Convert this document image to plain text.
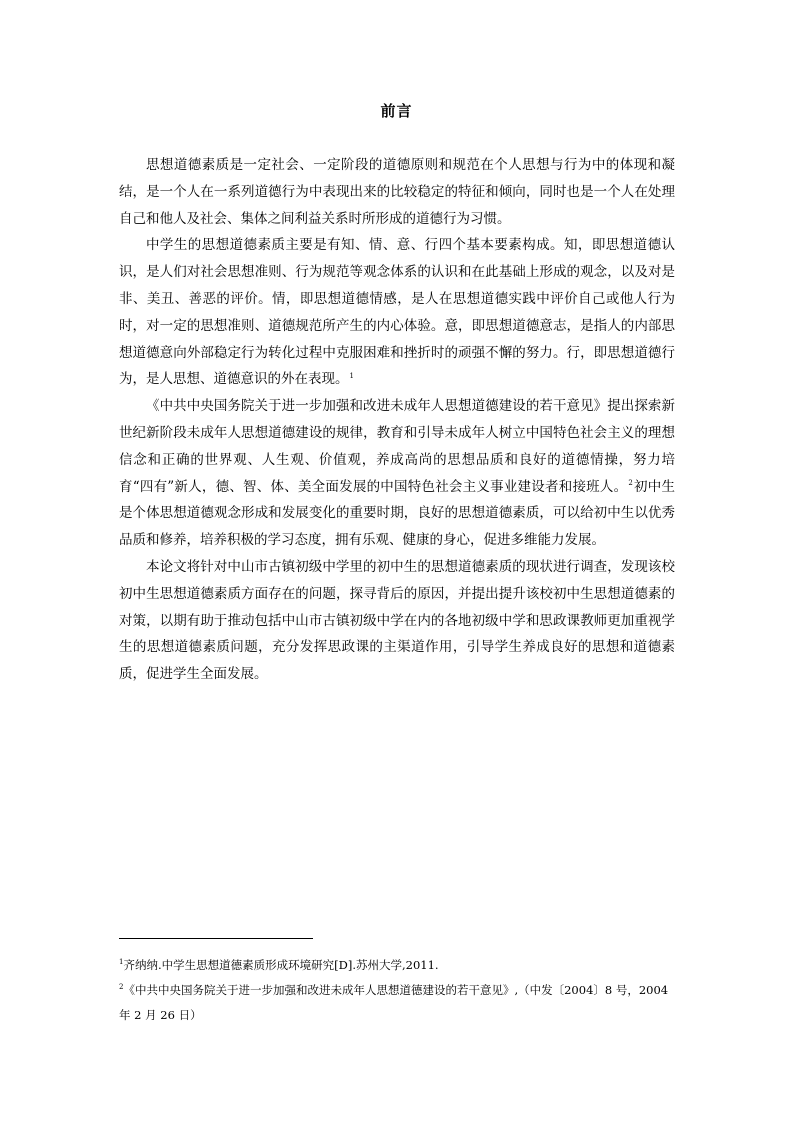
前言

思想道德素质是一定社会、一定阶段的道德原则和规范在个人思想与行为中的体现和凝结，是一个人在一系列道德行为中表现出来的比较稳定的特征和倾向，同时也是一个人在处理自己和他人及社会、集体之间利益关系时所形成的道德行为习惯。

中学生的思想道德素质主要是有知、情、意、行四个基本要素构成。知，即思想道德认识，是人们对社会思想准则、行为规范等观念体系的认识和在此基础上形成的观念，以及对是非、美丑、善恶的评价。情，即思想道德情感，是人在思想道德实践中评价自己或他人行为时，对一定的思想准则、道德规范所产生的内心体验。意，即思想道德意志，是指人的内部思想道德意向外部稳定行为转化过程中克服困难和挫折时的顽强不懈的努力。行，即思想道德行为，是人思想、道德意识的外在表现。$^1$

《中共中央国务院关于进一步加强和改进未成年人思想道德建设的若干意见》提出探索新世纪新阶段未成年人思想道德建设的规律，教育和引导未成年人树立中国特色社会主义的理想信念和正确的世界观、人生观、价值观，养成高尚的思想品质和良好的道德情操，努力培育“四有”新人，德、智、体、美全面发展的中国特色社会主义事业建设者和接班人。$^2$初中生是个体思想道德观念形成和发展变化的重要时期，良好的思想道德素质，可以给初中生以优秀品质和修养，培养积极的学习态度，拥有乐观、健康的身心，促进多维能力发展。

本论文将针对中山市古镇初级中学里的初中生的思想道德素质的现状进行调查，发现该校初中生思想道德素质方面存在的问题，探寻背后的原因，并提出提升该校初中生思想道德素的对策，以期有助于推动包括中山市古镇初级中学在内的各地初级中学和思政课教师更加重视学生的思想道德素质问题，充分发挥思政课的主渠道作用，引导学生养成良好的思想和道德素质，促进学生全面发展。

$^1$齐纳纳.中学生思想道德素质形成环境研究[D].苏州大学,2011.

$^2$《中共中央国务院关于进一步加强和改进未成年人思想道德建设的若干意见》,（中发〔2004〕8 号，2004 年 2 月 26 日）
